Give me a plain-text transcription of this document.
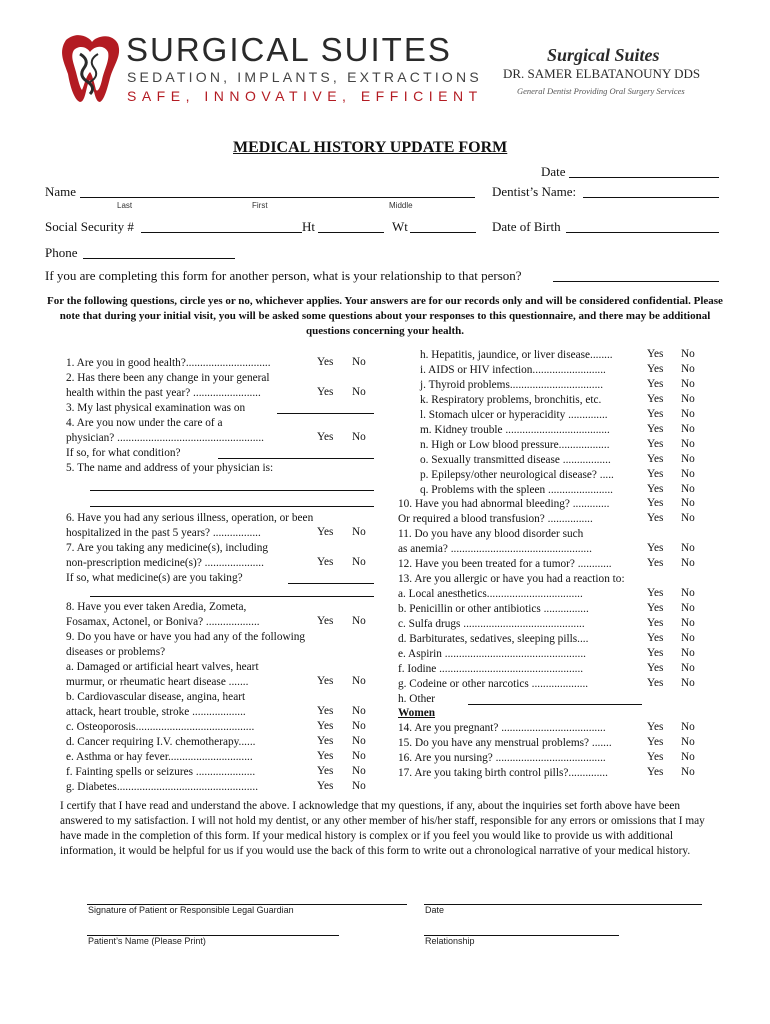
SURGICAL SUITES
SEDATION, IMPLANTS, EXTRACTIONS
SAFE, INNOVATIVE, EFFICIENT
Surgical Suites
DR. SAMER ELBATANOUNY DDS
General Dentist Providing Oral Surgery Services
MEDICAL HISTORY UPDATE FORM
Date
Name	Dentist’s Name:
Last	First	Middle
Social Security #	Ht	Wt	Date of Birth
Phone
If you are completing this form for another person, what is your relationship to that person?
For the following questions, circle yes or no, whichever applies. Your answers are for our records only and will be considered confidential. Please note that during your initial visit, you will be asked some questions about your responses to this questionnaire, and there may be additional questions concerning your health.
1. Are you in good health?..............................	Yes No
2. Has there been any change in your general
health within the past year? ........................	Yes No
3. My last physical examination was on
4. Are you now under the care of a
physician? ....................................................	Yes No
If so, for what condition?
5. The name and address of your physician is:
6. Have you had any serious illness, operation, or been
hospitalized in the past 5 years? .................	Yes No
7. Are you taking any medicine(s), including
non-prescription medicine(s)? .....................	Yes No
If so, what medicine(s) are you taking?
8. Have you ever taken Aredia, Zometa,
Fosamax, Actonel, or Boniva? ...................	Yes No
9. Do you have or have you had any of the following
diseases or problems?
a. Damaged or artificial heart valves, heart
murmur, or rheumatic heart disease .......	Yes No
b. Cardiovascular disease, angina, heart
attack, heart trouble, stroke ...................	Yes No
c. Osteoporosis..........................................	Yes No
d. Cancer requiring I.V. chemotherapy......	Yes No
e. Asthma or hay fever..............................	Yes No
f. Fainting spells or seizures .....................	Yes No
g. Diabetes..................................................	Yes No
h. Hepatitis, jaundice, or liver disease........	Yes No
i. AIDS or HIV infection..........................	Yes No
j. Thyroid problems.................................	Yes No
k. Respiratory problems, bronchitis, etc.	Yes No
l. Stomach ulcer or hyperacidity ..............	Yes No
m. Kidney trouble .....................................	Yes No
n. High or Low blood pressure..................	Yes No
o. Sexually transmitted disease .................	Yes No
p. Epilepsy/other neurological disease? .....	Yes No
q. Problems with the spleen .......................	Yes No
10. Have you had abnormal bleeding? .............	Yes No
Or required a blood transfusion? ................	Yes No
11. Do you have any blood disorder such
as anemia? ..................................................	Yes No
12. Have you been treated for a tumor? ............	Yes No
13. Are you allergic or have you had a reaction to:
a. Local anesthetics..................................	Yes No
b. Penicillin or other antibiotics ................	Yes No
c. Sulfa drugs ...........................................	Yes No
d. Barbiturates, sedatives, sleeping pills....	Yes No
e. Aspirin ..................................................	Yes No
f. Iodine ...................................................	Yes No
g. Codeine or other narcotics ....................	Yes No
h. Other
Women
14. Are you pregnant? .....................................	Yes No
15. Do you have any menstrual problems? .......	Yes No
16. Are you nursing? .......................................	Yes No
17. Are you taking birth control pills?..............	Yes No
I certify that I have read and understand the above. I acknowledge that my questions, if any, about the inquiries set forth above have been answered to my satisfaction. I will not hold my dentist, or any other member of his/her staff, responsible for any errors or omissions that I may have made in the completion of this form. If your medical history is complex or if you feel you would like to provide us with additional information, it would be helpful for us if you would use the back of this form to write out a chronological narrative of your medical history.
Signature of Patient or Responsible Legal Guardian	Date
Patient’s Name (Please Print)	Relationship
